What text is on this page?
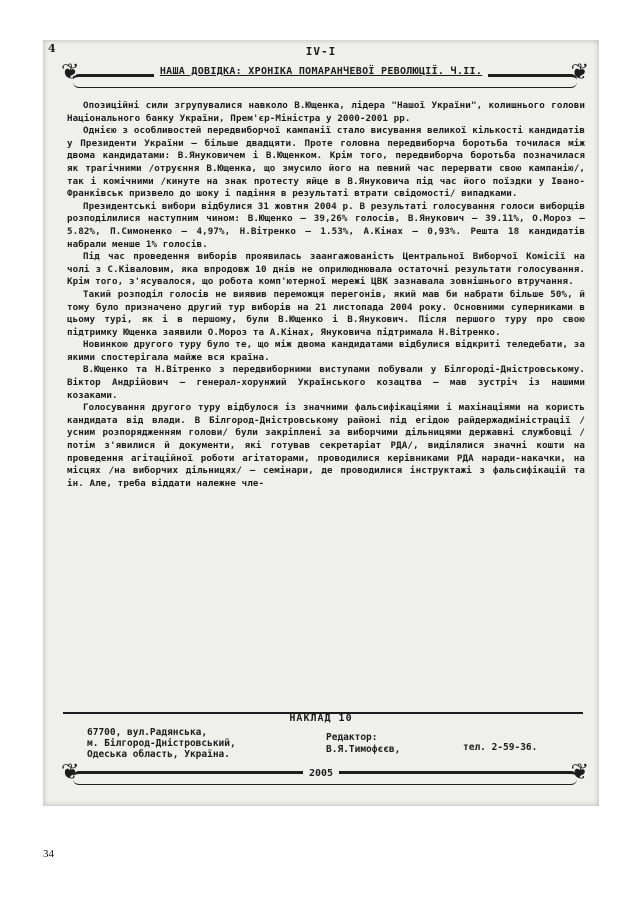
4
❦	❦
IV-I
НАША ДОВІДКА: ХРОНІКА ПОМАРАНЧЕВОЇ РЕВОЛЮЦІЇ. Ч.ІІ.

Опозиційні сили згрупувалися навколо В.Ющенка, лідера "Нашої України", колишнього голови Національного банку України, Прем'єр-Міністра у 2000-2001 рр.

Однією з особливостей передвиборчої кампанії стало висування великої кількості кандидатів у Президенти України – більше двадцяти. Проте головна передвиборча боротьба точилася між двома кандидатами: В.Януковичем і В.Ющенком. Крім того, передвиборча боротьба позначилася як трагічними /отруєння В.Ющенка, що змусило його на певний час перервати свою кампанію/, так і комічними /кинуте на знак протесту яйце в В.Януковича під час його поїздки у Івано-Франківськ призвело до шоку і падіння в результаті втрати свідомості/ випадками.

Президентські вибори відбулися 31 жовтня 2004 р. В результаті голосування голоси виборців розподілилися наступним чином: В.Ющенко – 39,26% голосів, В.Янукович – 39.11%, О.Мороз – 5.82%, П.Симоненко – 4,97%, Н.Вітренко – 1.53%, А.Кінах – 0,93%. Решта 18 кандидатів набрали менше 1% голосів.

Під час проведення виборів проявилась заангажованість Центральної Виборчої Комісії на чолі з С.Ківаловим, яка впродовж 10 днів не оприлюднювала остаточні результати голосування. Крім того, з'ясувалося, що робота комп'ютерної мережі ЦВК зазнавала зовнішнього втручання.

Такий розподіл голосів не виявив переможця перегонів, який мав би набрати більше 50%, й тому було призначено другий тур виборів на 21 листопада 2004 року. Основними суперниками в цьому турі, як і в першому, були В.Ющенко і В.Янукович. Після першого туру про свою підтримку Ющенка заявили О.Мороз та А.Кінах, Януковича підтримала Н.Вітренко.

Новинкою другого туру було те, що між двома кандидатами відбулися відкриті теледебати, за якими спостерігала майже вся країна.

В.Ющенко та Н.Вітренко з передвиборними виступами побували у Білгороді-Дністровському. Віктор Андрійович – генерал-хорунжий Українського козацтва – мав зустріч із нашими козаками.

Голосування другого туру відбулося із значними фальсифікаціями і махінаціями на користь кандидата від влади. В Білгород-Дністровському районі під егідою райдержадміністрації /усним розпорядженням голови/ були закріплені за виборчими дільницями державні службовці /потім з'явилися й документи, які готував секретаріат РДА/, виділялися значні кошти на проведення агітаційної роботи агітаторами, проводилися керівниками РДА наради-накачки, на місцях /на виборчих дільницях/ – семінари, де проводилися інструктажі з фальсифікацій та ін. Але, треба віддати належне чле-

НАКЛАД 10
67700, вул.Радянська,
м. Білгород-Дністровський,
Одеська область, Україна.
Редактор:
В.Я.Тимофєєв,	тел. 2-59-36.
❦	❦
2005
34
